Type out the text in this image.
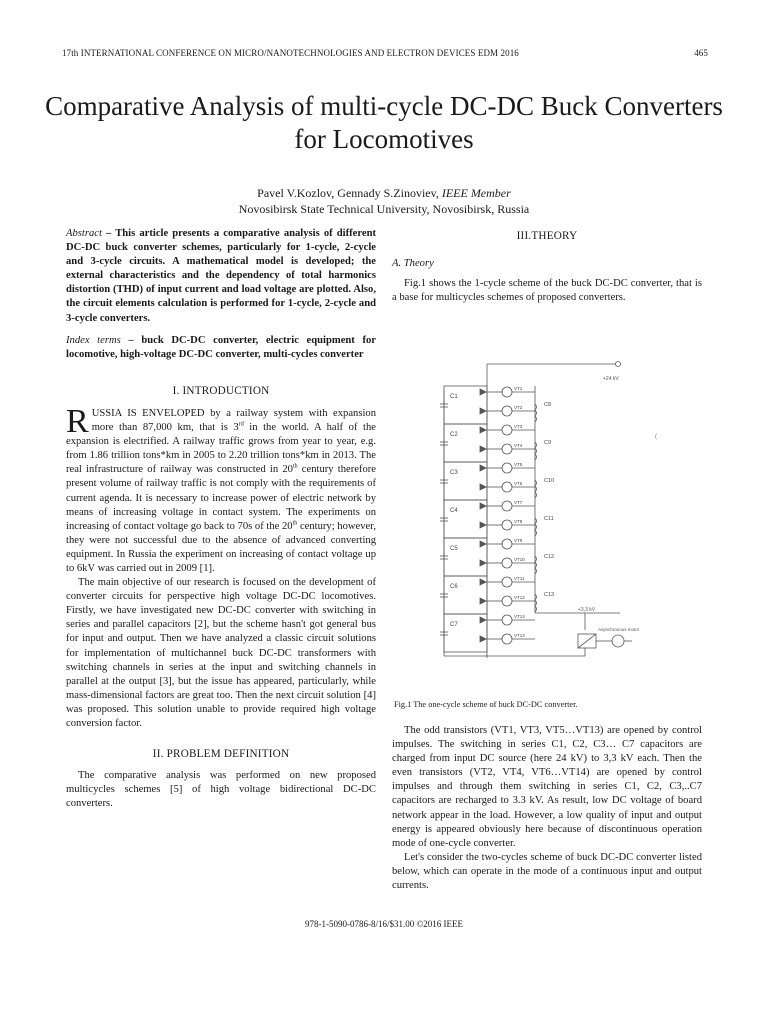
17th INTERNATIONAL CONFERENCE ON MICRO/NANOTECHNOLOGIES AND ELECTRON DEVICES EDM 2016	465
Comparative Analysis of multi-cycle DC-DC Buck Converters for Locomotives
Pavel V.Kozlov, Gennady S.Zinoviev, IEEE Member
Novosibirsk State Technical University, Novosibirsk, Russia

Abstract – This article presents a comparative analysis of different DC-DC buck converter schemes, particularly for 1-cycle, 2-cycle and 3-cycle circuits. A mathematical model is developed; the external characteristics and the dependency of total harmonics distortion (THD) of input current and load voltage are plotted. Also, the circuit elements calculation is performed for 1-cycle, 2-cycle and 3-cycle converters.

Index terms – buck DC-DC converter, electric equipment for locomotive, high-voltage DC-DC converter, multi-cycles converter

I. INTRODUCTION

RUSSIA IS ENVELOPED by a railway system with expansion more than 87,000 km, that is 3rd in the world. A half of the expansion is electrified. A railway traffic grows from year to year, e.g. from 1.86 trillion tons*km in 2005 to 2.20 trillion tons*km in 2013. The real infrastructure of railway was constructed in 20th century therefore present volume of railway traffic is not comply with the requirements of current agenda. It is necessary to increase power of electric network by means of increasing voltage in contact system. The experiments on increasing of contact voltage go back to 70s of the 20th century; however, they were not successful due to the absence of advanced converting equipment. In Russia the experiment on increasing of contact voltage up to 6kV was carried out in 2009 [1].

The main objective of our research is focused on the development of converter circuits for perspective high voltage DC-DC locomotives. Firstly, we have investigated new DC-DC converter with switching in series and parallel capacitors [2], but the scheme hasn't got general bus for input and output. Then we have analyzed a classic circuit solutions for implementation of multichannel buck DC-DC transformers with switching channels in series at the input and switching channels in parallel at the output [3], but the issue has appeared, particularly, while mass-dimensional factors are great too. Then the next circuit solution [4] was proposed. This solution unable to provide required high voltage conversion factor.

II. PROBLEM DEFINITION

The comparative analysis was performed on new proposed multicycles schemes [5] of high voltage bidirectional DC-DC converters.

III.THEORY
A. Theory

Fig.1 shows the 1-cycle scheme of the buck DC-DC converter, that is a base for multicycles schemes of proposed converters.

+24 kV
C1
C2
C3
C4
C5
C6
C7
VT1
VT2
VT3
VT4
VT5
VT6
VT7
VT8
VT9
VT10
VT11
VT12
VT13
VT14
C8
C9
C10
C11
C12
C13
+3,3 kV
Asynchronous motor
(
Fig.1 The one-cycle scheme of buck DC-DC converter.

The odd transistors (VT1, VT3, VT5…VT13) are opened by control impulses. The switching in series C1, C2, C3… C7 capacitors are charged from input DC source (here 24 kV) to 3,3 kV each. Then the even transistors (VT2, VT4, VT6…VT14) are opened by control impulses and through them switching in series C1, C2, C3,..C7 capacitors are recharged to 3.3 kV. As result, low DC voltage of board network appear in the load. However, a low quality of input and output energy is appeared obviously here because of discontinuous operation mode of one-cycle converter.

Let's consider the two-cycles scheme of buck DC-DC converter listed below, which can operate in the mode of a continuous input and output currents.

978-1-5090-0786-8/16/$31.00 ©2016 IEEE
